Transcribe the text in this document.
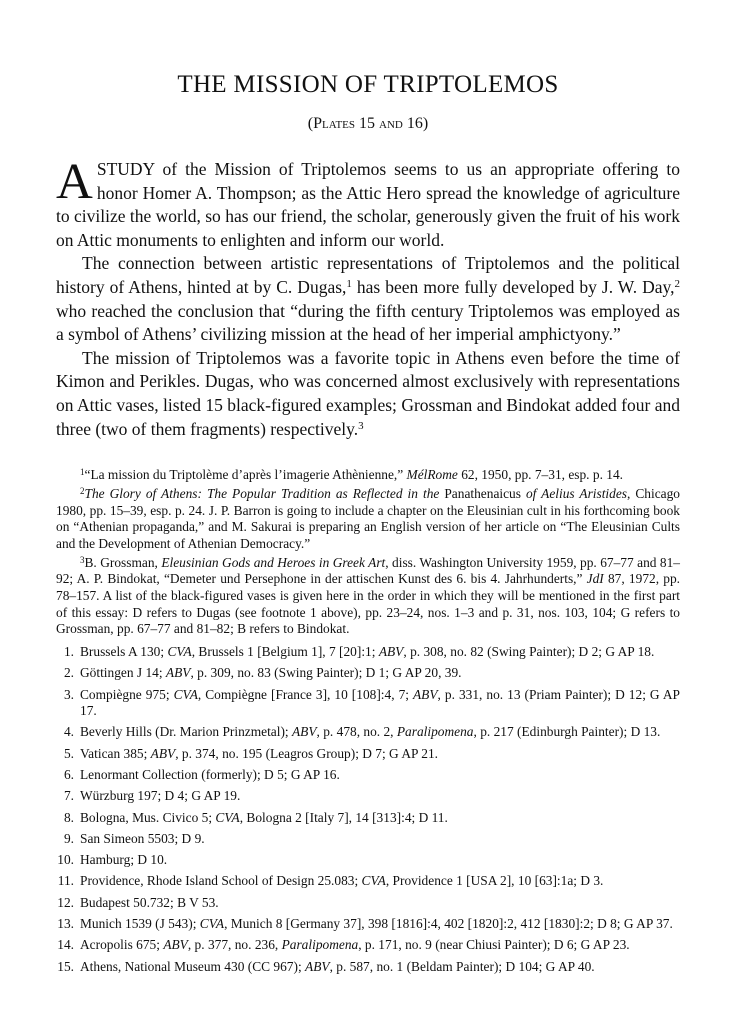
THE MISSION OF TRIPTOLEMOS
(Plates 15 and 16)

ASTUDY of the Mission of Triptolemos seems to us an appropriate offering to honor Homer A. Thompson; as the Attic Hero spread the knowledge of agriculture to civilize the world, so has our friend, the scholar, generously given the fruit of his work on Attic monuments to enlighten and inform our world.

The connection between artistic representations of Triptolemos and the political history of Athens, hinted at by C. Dugas,$^1$ has been more fully developed by J. W. Day,$^2$ who reached the conclusion that “during the fifth century Triptolemos was employed as a symbol of Athens’ civilizing mission at the head of her imperial amphictyony.”

The mission of Triptolemos was a favorite topic in Athens even before the time of Kimon and Perikles. Dugas, who was concerned almost exclusively with representations on Attic vases, listed 15 black-figured examples; Grossman and Bindokat added four and three (two of them fragments) respectively.$^3$

$^1$“La mission du Triptolème d’après l’imagerie Athènienne,” MélRome 62, 1950, pp. 7–31, esp. p. 14.

$^2$The Glory of Athens: The Popular Tradition as Reflected in the Panathenaicus of Aelius Aristides, Chicago 1980, pp. 15–39, esp. p. 24. J. P. Barron is going to include a chapter on the Eleusinian cult in his forthcoming book on “Athenian propaganda,” and M. Sakurai is preparing an English version of her article on “The Eleusinian Cults and the Development of Athenian Democracy.”

$^3$B. Grossman, Eleusinian Gods and Heroes in Greek Art, diss. Washington University 1959, pp. 67–77 and 81–92; A. P. Bindokat, “Demeter und Persephone in der attischen Kunst des 6. bis 4. Jahrhunderts,” JdI 87, 1972, pp. 78–157. A list of the black-figured vases is given here in the order in which they will be mentioned in the first part of this essay: D refers to Dugas (see footnote 1 above), pp. 23–24, nos. 1–3 and p. 31, nos. 103, 104; G refers to Grossman, pp. 67–77 and 81–82; B refers to Bindokat.

1. Brussels A 130; CVA, Brussels 1 [Belgium 1], 7 [20]:1; ABV, p. 308, no. 82 (Swing Painter); D 2; G AP 18.
2. Göttingen J 14; ABV, p. 309, no. 83 (Swing Painter); D 1; G AP 20, 39.
3. Compiègne 975; CVA, Compiègne [France 3], 10 [108]:4, 7; ABV, p. 331, no. 13 (Priam Painter); D 12; G AP 17.
4. Beverly Hills (Dr. Marion Prinzmetal); ABV, p. 478, no. 2, Paralipomena, p. 217 (Edinburgh Painter); D 13.
5. Vatican 385; ABV, p. 374, no. 195 (Leagros Group); D 7; G AP 21.
6. Lenormant Collection (formerly); D 5; G AP 16.
7. Würzburg 197; D 4; G AP 19.
8. Bologna, Mus. Civico 5; CVA, Bologna 2 [Italy 7], 14 [313]:4; D 11.
9. San Simeon 5503; D 9.
10. Hamburg; D 10.
11. Providence, Rhode Island School of Design 25.083; CVA, Providence 1 [USA 2], 10 [63]:1a; D 3.
12. Budapest 50.732; B V 53.
13. Munich 1539 (J 543); CVA, Munich 8 [Germany 37], 398 [1816]:4, 402 [1820]:2, 412 [1830]:2; D 8; G AP 37.
14. Acropolis 675; ABV, p. 377, no. 236, Paralipomena, p. 171, no. 9 (near Chiusi Painter); D 6; G AP 23.
15. Athens, National Museum 430 (CC 967); ABV, p. 587, no. 1 (Beldam Painter); D 104; G AP 40.
